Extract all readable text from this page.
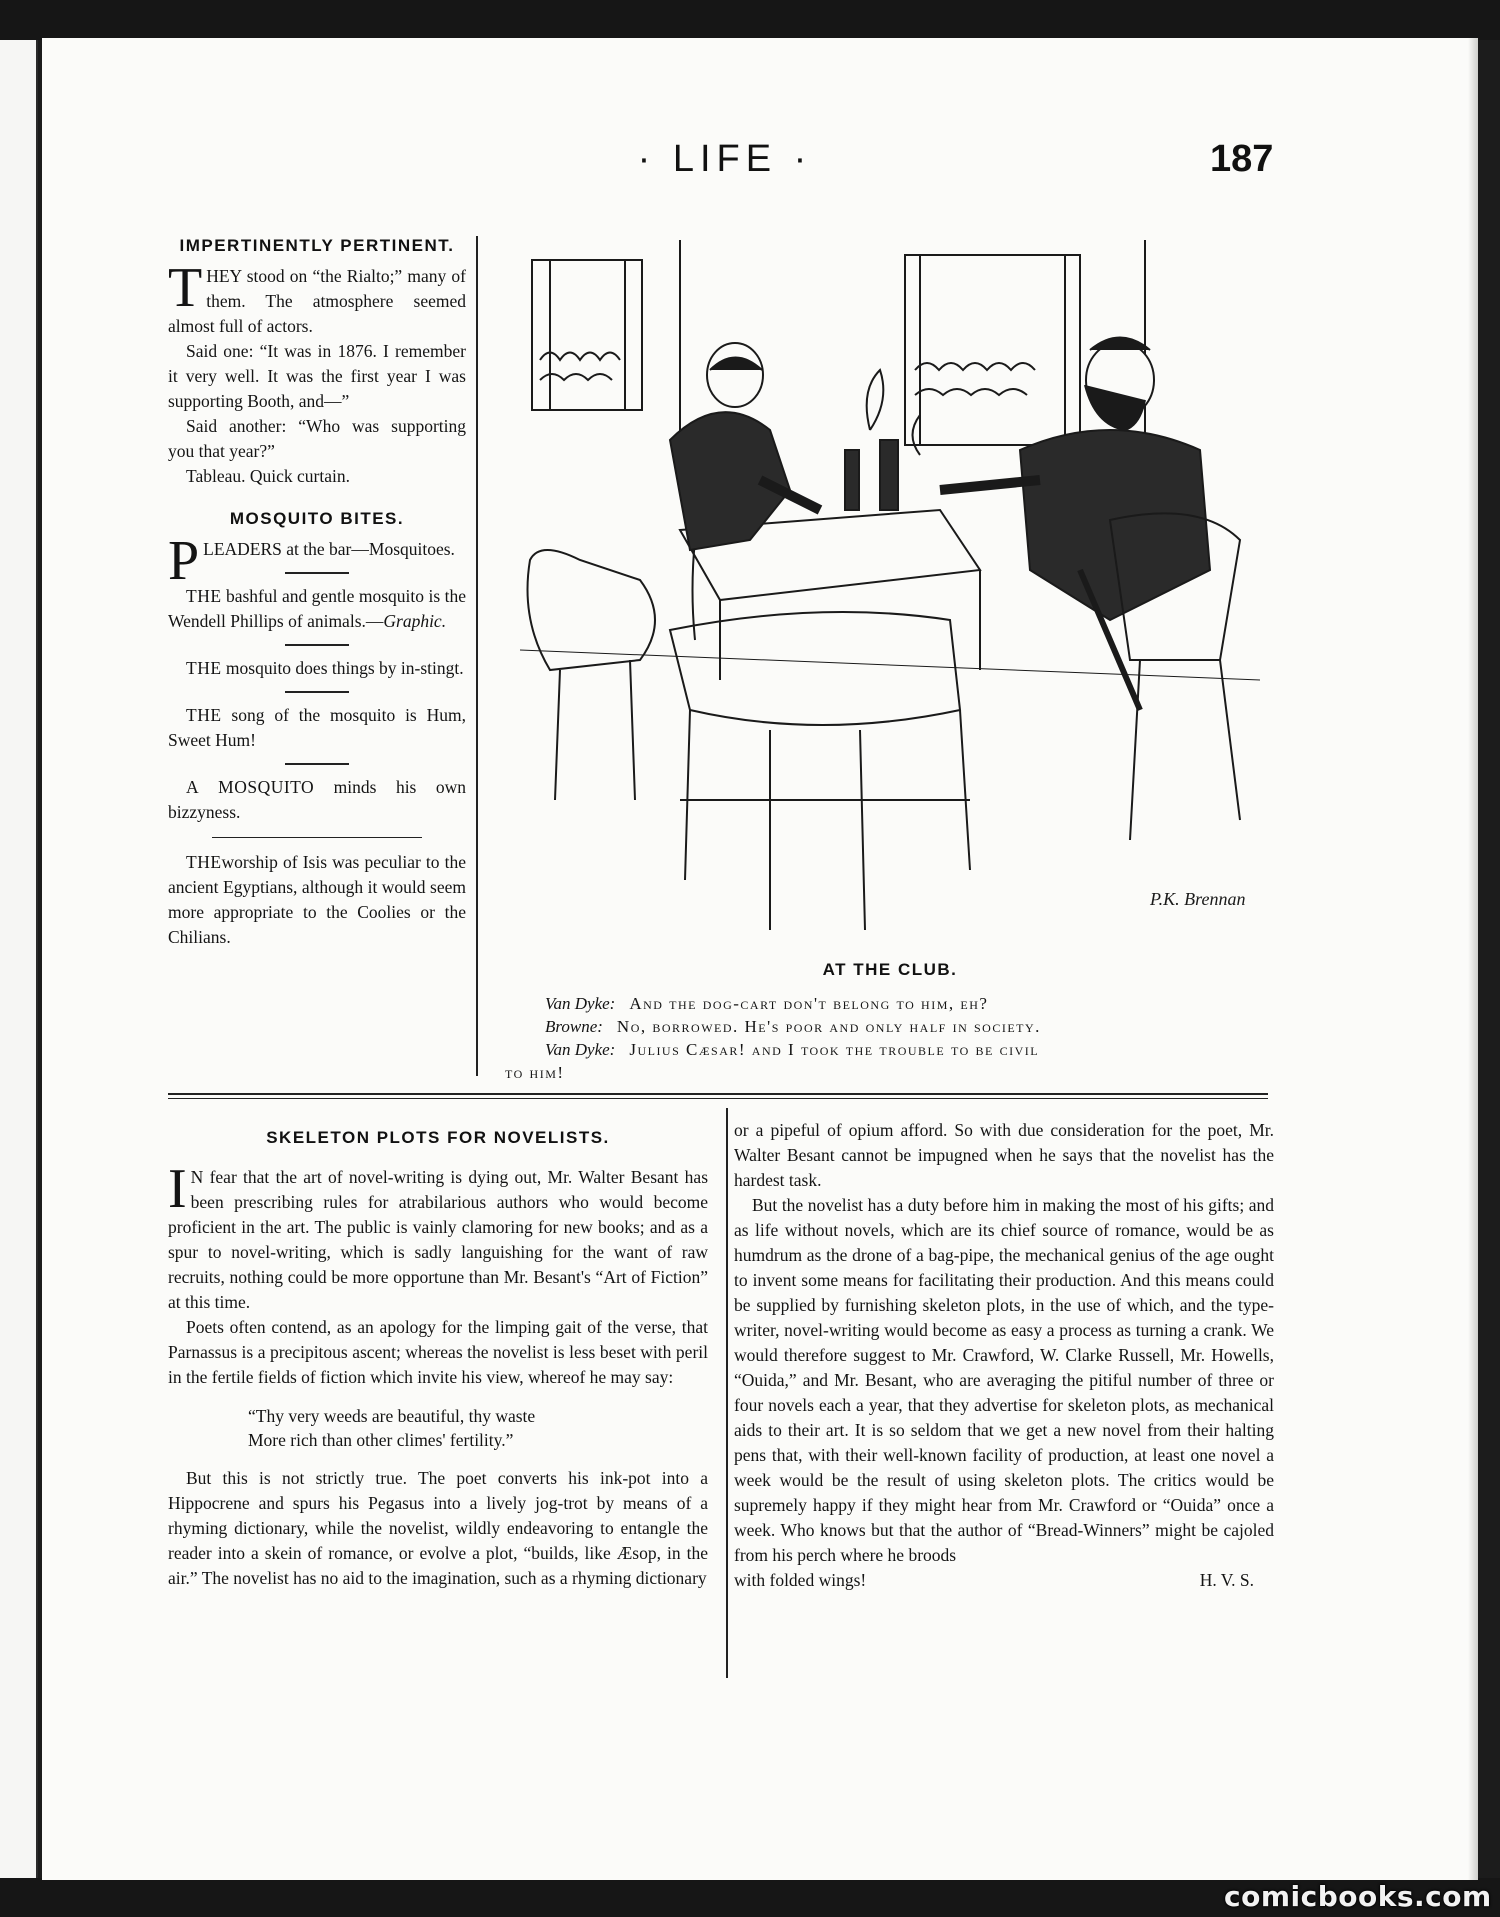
· LIFE ·	187
IMPERTINENTLY PERTINENT.

THEY stood on “the Rialto;” many of them. The atmosphere seemed almost full of actors.

Said one: “It was in 1876. I remember it very well. It was the first year I was supporting Booth, and—”

Said another: “Who was supporting you that year?”

Tableau. Quick curtain.

MOSQUITO BITES.

PLEADERS at the bar—Mosquitoes.

THE bashful and gentle mosquito is the Wendell Phillips of animals.—Graphic.

THE mosquito does things by in-stingt.

THE song of the mosquito is Hum, Sweet Hum!

A MOSQUITO minds his own bizzyness.

THEworship of Isis was peculiar to the ancient Egyptians, although it would seem more appropriate to the Coolies or the Chilians.

P.K. Brennan
AT THE CLUB.
Van Dyke: And the dog-cart don't belong to him, eh?
Browne: No, borrowed. He's poor and only half in society.
Van Dyke: Julius Cæsar! and I took the trouble to be civil
to him!
SKELETON PLOTS FOR NOVELISTS.

IN fear that the art of novel-writing is dying out, Mr. Walter Besant has been prescribing rules for atrabilarious authors who would become proficient in the art. The public is vainly clamoring for new books; and as a spur to novel-writing, which is sadly languishing for the want of raw recruits, nothing could be more opportune than Mr. Besant's “Art of Fiction” at this time.

Poets often contend, as an apology for the limping gait of the verse, that Parnassus is a precipitous ascent; whereas the novelist is less beset with peril in the fertile fields of fiction which invite his view, whereof he may say:

“Thy very weeds are beautiful, thy waste
More rich than other climes' fertility.”

But this is not strictly true. The poet converts his ink-pot into a Hippocrene and spurs his Pegasus into a lively jog-trot by means of a rhyming dictionary, while the novelist, wildly endeavoring to entangle the reader into a skein of romance, or evolve a plot, “builds, like Æsop, in the air.” The novelist has no aid to the imagination, such as a rhyming dictionary

or a pipeful of opium afford. So with due consideration for the poet, Mr. Walter Besant cannot be impugned when he says that the novelist has the hardest task.

But the novelist has a duty before him in making the most of his gifts; and as life without novels, which are its chief source of romance, would be as humdrum as the drone of a bag-pipe, the mechanical genius of the age ought to invent some means for facilitating their production. And this means could be supplied by furnishing skeleton plots, in the use of which, and the type-writer, novel-writing would become as easy a process as turning a crank. We would therefore suggest to Mr. Crawford, W. Clarke Russell, Mr. Howells, “Ouida,” and Mr. Besant, who are averaging the pitiful number of three or four novels each a year, that they advertise for skeleton plots, as mechanical aids to their art. It is so seldom that we get a new novel from their halting pens that, with their well-known facility of production, at least one novel a week would be the result of using skeleton plots. The critics would be supremely happy if they might hear from Mr. Crawford or “Ouida” once a week. Who knows but that the author of “Bread-Winners” might be cajoled from his perch where he broods

with folded wings!	H. V. S.
comicbooks.com
